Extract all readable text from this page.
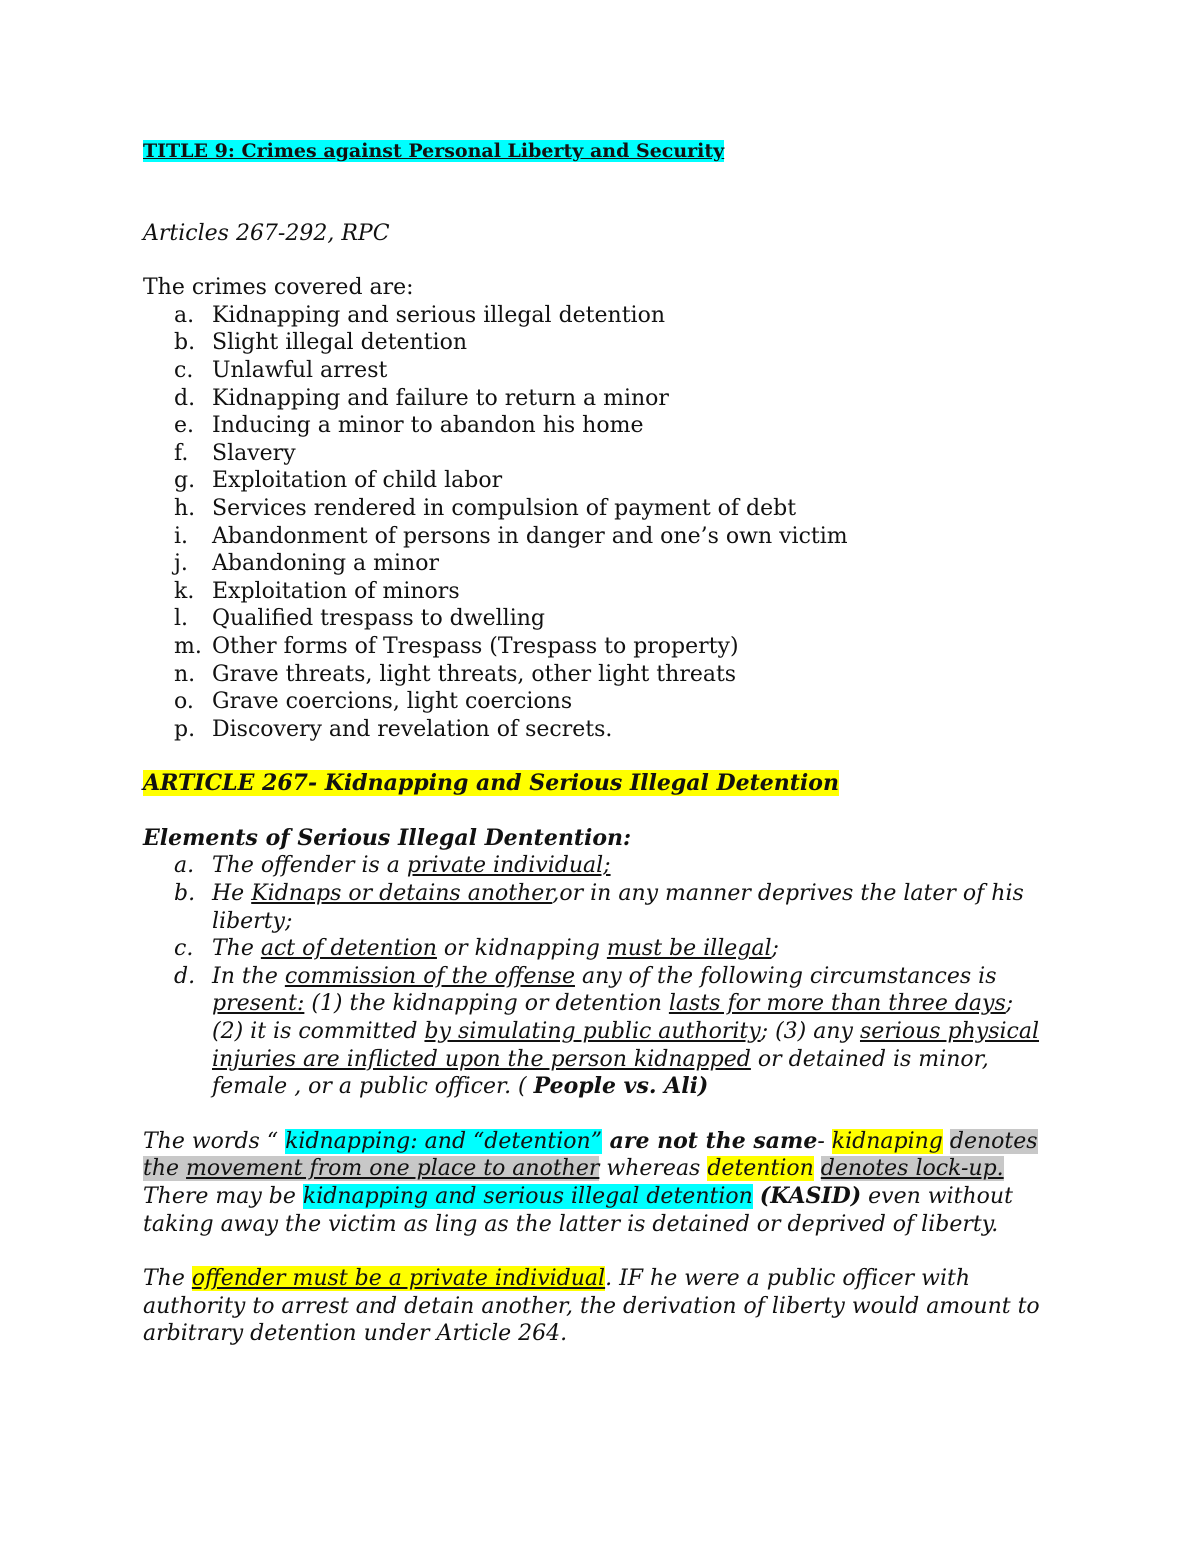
TITLE 9: Crimes against Personal Liberty and Security

Articles 267-292, RPC

The crimes covered are:

a. Kidnapping and serious illegal detention
b. Slight illegal detention
c. Unlawful arrest
d. Kidnapping and failure to return a minor
e. Inducing a minor to abandon his home
f.	Slavery
g. Exploitation of child labor
h. Services rendered in compulsion of payment of debt
i.	Abandonment of persons in danger and one’s own victim
j.	Abandoning a minor
k. Exploitation of minors
l.	Qualified trespass to dwelling
m. Other forms of Trespass (Trespass to property)
n. Grave threats, light threats, other light threats
o. Grave coercions, light coercions
p. Discovery and revelation of secrets.

ARTICLE 267- Kidnapping and Serious Illegal Detention

Elements of Serious Illegal Dentention:

a. The offender is a private individual;
b. He Kidnaps or detains another,or in any manner deprives the later of his liberty;
c. The act of detention or kidnapping must be illegal;
d. In the commission of the offense any of the following circumstances is present: (1) the kidnapping or detention lasts for more than three days; (2) it is committed by simulating public authority; (3) any serious physical injuries are inflicted upon the person kidnapped or detained is minor, female , or a public officer. ( People vs. Ali)

The words “ kidnapping: and “detention” are not the same- kidnaping denotes the movement from one place to another whereas detention denotes lock-up. There may be kidnapping and serious illegal detention (KASID) even without taking away the victim as ling as the latter is detained or deprived of liberty.

The offender must be a private individual. IF he were a public officer with authority to arrest and detain another, the derivation of liberty would amount to arbitrary detention under Article 264.
